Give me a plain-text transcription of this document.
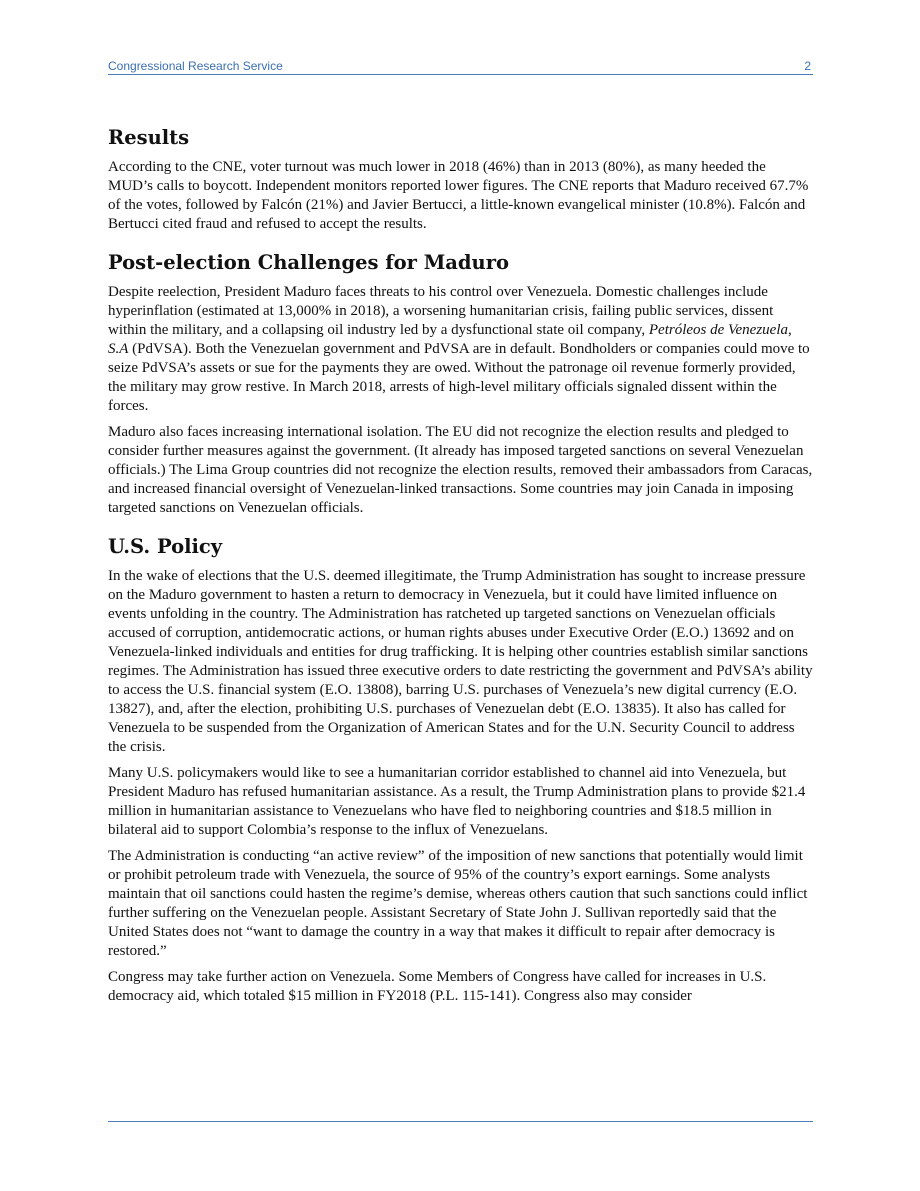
Congressional Research Service	2
Results

According to the CNE, voter turnout was much lower in 2018 (46%) than in 2013 (80%), as many heeded the MUD’s calls to boycott. Independent monitors reported lower figures. The CNE reports that Maduro received 67.7% of the votes, followed by Falcón (21%) and Javier Bertucci, a little-known evangelical minister (10.8%). Falcón and Bertucci cited fraud and refused to accept the results.

Post-election Challenges for Maduro

Despite reelection, President Maduro faces threats to his control over Venezuela. Domestic challenges include hyperinflation (estimated at 13,000% in 2018), a worsening humanitarian crisis, failing public services, dissent within the military, and a collapsing oil industry led by a dysfunctional state oil company, Petróleos de Venezuela, S.A (PdVSA). Both the Venezuelan government and PdVSA are in default. Bondholders or companies could move to seize PdVSA’s assets or sue for the payments they are owed. Without the patronage oil revenue formerly provided, the military may grow restive. In March 2018, arrests of high-level military officials signaled dissent within the forces.

Maduro also faces increasing international isolation. The EU did not recognize the election results and pledged to consider further measures against the government. (It already has imposed targeted sanctions on several Venezuelan officials.) The Lima Group countries did not recognize the election results, removed their ambassadors from Caracas, and increased financial oversight of Venezuelan-linked transactions. Some countries may join Canada in imposing targeted sanctions on Venezuelan officials.

U.S. Policy

In the wake of elections that the U.S. deemed illegitimate, the Trump Administration has sought to increase pressure on the Maduro government to hasten a return to democracy in Venezuela, but it could have limited influence on events unfolding in the country. The Administration has ratcheted up targeted sanctions on Venezuelan officials accused of corruption, antidemocratic actions, or human rights abuses under Executive Order (E.O.) 13692 and on Venezuela-linked individuals and entities for drug trafficking. It is helping other countries establish similar sanctions regimes. The Administration has issued three executive orders to date restricting the government and PdVSA’s ability to access the U.S. financial system (E.O. 13808), barring U.S. purchases of Venezuela’s new digital currency (E.O. 13827), and, after the election, prohibiting U.S. purchases of Venezuelan debt (E.O. 13835). It also has called for Venezuela to be suspended from the Organization of American States and for the U.N. Security Council to address the crisis.

Many U.S. policymakers would like to see a humanitarian corridor established to channel aid into Venezuela, but President Maduro has refused humanitarian assistance. As a result, the Trump Administration plans to provide $21.4 million in humanitarian assistance to Venezuelans who have fled to neighboring countries and $18.5 million in bilateral aid to support Colombia’s response to the influx of Venezuelans.

The Administration is conducting “an active review” of the imposition of new sanctions that potentially would limit or prohibit petroleum trade with Venezuela, the source of 95% of the country’s export earnings. Some analysts maintain that oil sanctions could hasten the regime’s demise, whereas others caution that such sanctions could inflict further suffering on the Venezuelan people. Assistant Secretary of State John J. Sullivan reportedly said that the United States does not “want to damage the country in a way that makes it difficult to repair after democracy is restored.”

Congress may take further action on Venezuela. Some Members of Congress have called for increases in U.S. democracy aid, which totaled $15 million in FY2018 (P.L. 115-141). Congress also may consider
